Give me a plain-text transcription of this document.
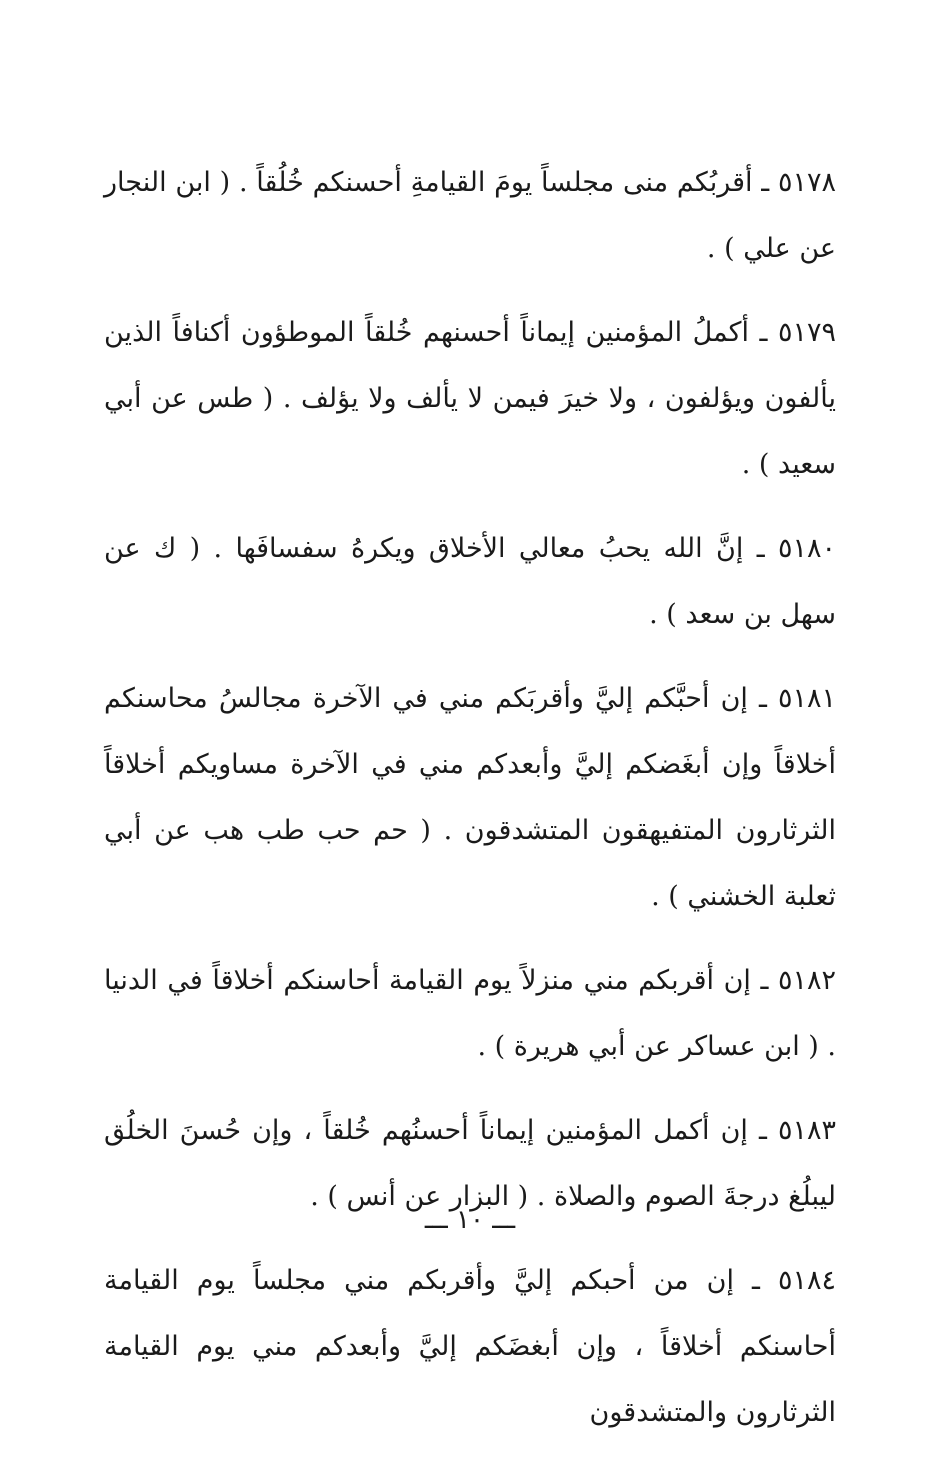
٥١٧٨ ـ أقربُكم منى مجلساً يومَ القيامةِ أحسنكم خُلُقاً . ( ابن النجار عن علي ) .

٥١٧٩ ـ أكملُ المؤمنين إيماناً أحسنهم خُلقاً الموطؤون أكنافاً الذين يألفون ويؤلفون ، ولا خيرَ فيمن لا يألف ولا يؤلف . ( طس عن أبي سعيد ) .

٥١٨٠ ـ إنَّ الله يحبُ معالي الأخلاق ويكرهُ سفسافَها . ( ك عن سهل بن سعد ) .

٥١٨١ ـ إن أحبَّكم إليَّ وأقربَكم مني في الآخرة مجالسُ محاسنكم أخلاقاً وإن أبغَضكم إليَّ وأبعدكم مني في الآخرة مساويكم أخلاقاً الثرثارون المتفيهقون المتشدقون . ( حم حب طب هب عن أبي ثعلبة الخشني ) .

٥١٨٢ ـ إن أقربكم مني منزلاً يوم القيامة أحاسنكم أخلاقاً في الدنيا . ( ابن عساكر عن أبي هريرة ) .

٥١٨٣ ـ إن أكمل المؤمنين إيماناً أحسنُهم خُلقاً ، وإن حُسنَ الخلُق ليبلُغ درجةَ الصوم والصلاة . ( البزار عن أنس ) .

٥١٨٤ ـ إن من أحبكم إليَّ وأقربكم مني مجلساً يوم القيامة أحاسنكم أخلاقاً ، وإن أبغضَكم إليَّ وأبعدكم مني يوم القيامة الثرثارون والمتشدقون

ـــ ١٠ ـــ
